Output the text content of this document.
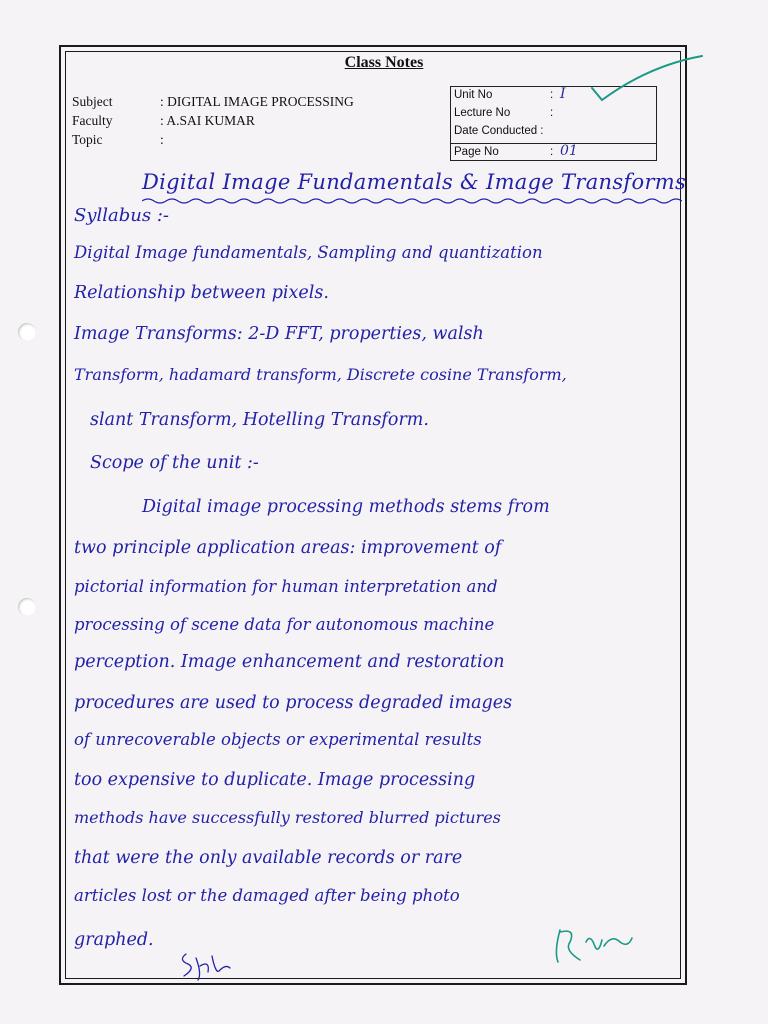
Class Notes
Subject	: DIGITAL IMAGE PROCESSING
Faculty	: A.SAI KUMAR
Topic	:
Unit No	: I
Lecture No	:
Date Conducted :
Page No	: 01
Digital Image Fundamentals & Image Transforms
Syllabus :-
Digital Image fundamentals, Sampling and quantization
Relationship between pixels.
Image Transforms: 2-D FFT, properties, walsh
Transform, hadamard transform, Discrete cosine Transform,
slant Transform, Hotelling Transform.
Scope of the unit :-
Digital image processing methods stems from
two principle application areas: improvement of
pictorial information for human interpretation and
processing of scene data for autonomous machine
perception. Image enhancement and restoration
procedures are used to process degraded images
of unrecoverable objects or experimental results
too expensive to duplicate. Image processing
methods have successfully restored blurred pictures
that were the only available records or rare
articles lost or the damaged after being photo
graphed.
